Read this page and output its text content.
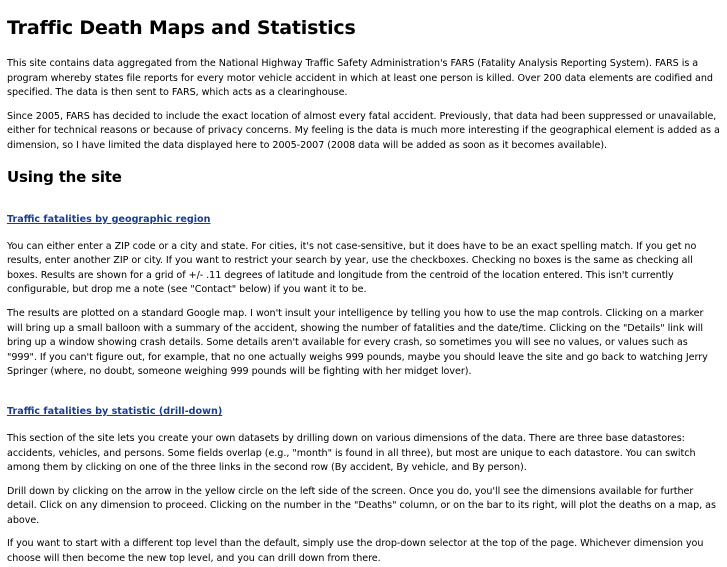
Traffic Death Maps and Statistics

This site contains data aggregated from the National Highway Traffic Safety Administration's FARS (Fatality Analysis Reporting System). FARS is a program whereby states file reports for every motor vehicle accident in which at least one person is killed. Over 200 data elements are codified and specified. The data is then sent to FARS, which acts as a clearinghouse.

Since 2005, FARS has decided to include the exact location of almost every fatal accident. Previously, that data had been suppressed or unavailable, either for technical reasons or because of privacy concerns. My feeling is the data is much more interesting if the geographical element is added as a dimension, so I have limited the data displayed here to 2005-2007 (2008 data will be added as soon as it becomes available).

Using the site
Traffic fatalities by geographic region

You can either enter a ZIP code or a city and state. For cities, it's not case-sensitive, but it does have to be an exact spelling match. If you get no results, enter another ZIP or city. If you want to restrict your search by year, use the checkboxes. Checking no boxes is the same as checking all boxes. Results are shown for a grid of +/- .11 degrees of latitude and longitude from the centroid of the location entered. This isn't currently configurable, but drop me a note (see "Contact" below) if you want it to be.

The results are plotted on a standard Google map. I won't insult your intelligence by telling you how to use the map controls. Clicking on a marker will bring up a small balloon with a summary of the accident, showing the number of fatalities and the date/time. Clicking on the "Details" link will bring up a window showing crash details. Some details aren't available for every crash, so sometimes you will see no values, or values such as "999". If you can't figure out, for example, that no one actually weighs 999 pounds, maybe you should leave the site and go back to watching Jerry Springer (where, no doubt, someone weighing 999 pounds will be fighting with her midget lover).

Traffic fatalities by statistic (drill-down)

This section of the site lets you create your own datasets by drilling down on various dimensions of the data. There are three base datastores: accidents, vehicles, and persons. Some fields overlap (e.g., "month" is found in all three), but most are unique to each datastore. You can switch among them by clicking on one of the three links in the second row (By accident, By vehicle, and By person).

Drill down by clicking on the arrow in the yellow circle on the left side of the screen. Once you do, you'll see the dimensions available for further detail. Click on any dimension to proceed. Clicking on the number in the "Deaths" column, or on the bar to its right, will plot the deaths on a map, as above.

If you want to start with a different top level than the default, simply use the drop-down selector at the top of the page. Whichever dimension you choose will then become the new top level, and you can drill down from there.
